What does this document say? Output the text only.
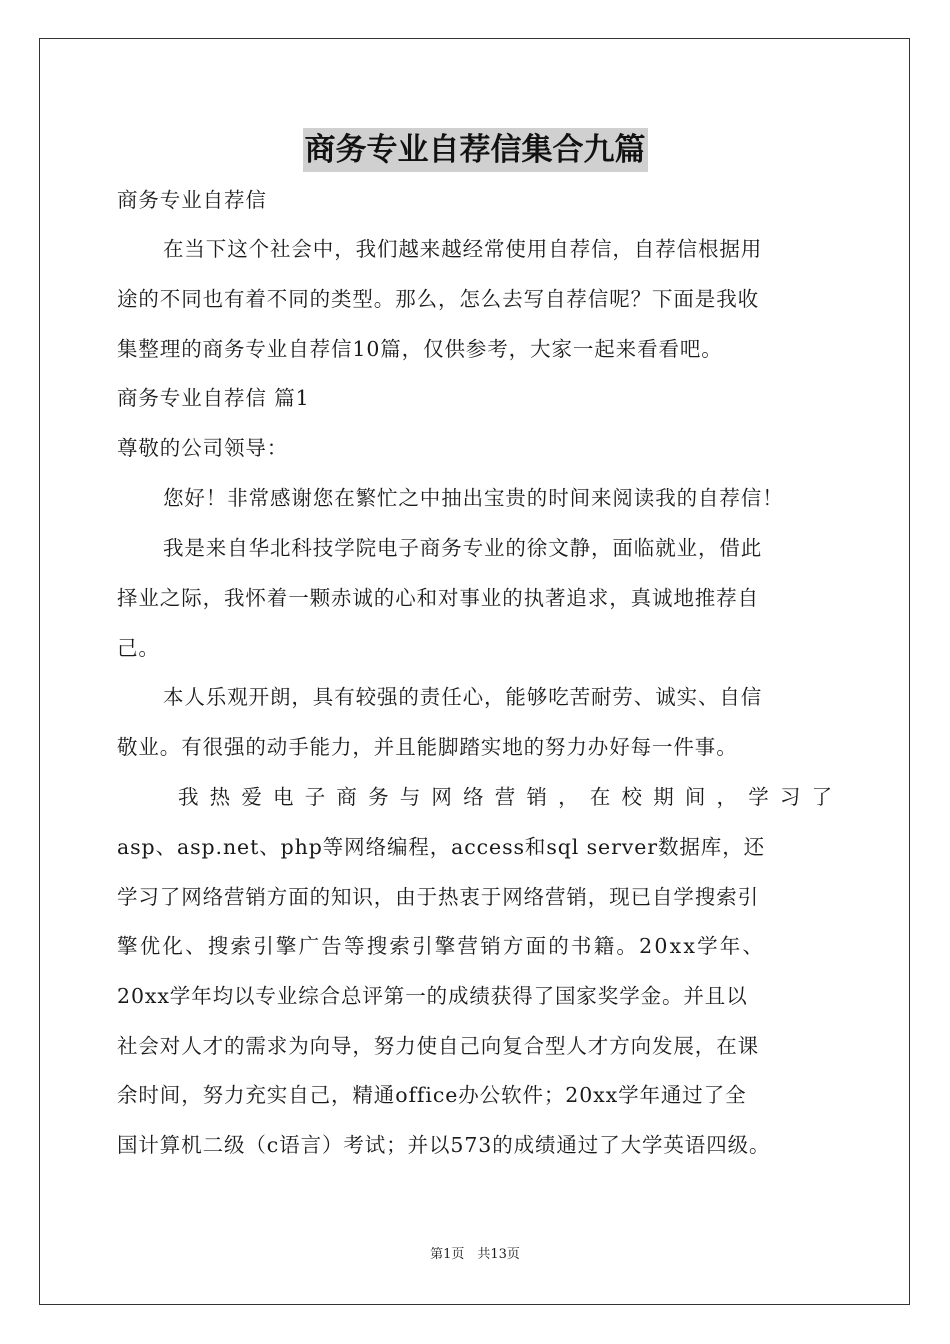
商务专业自荐信集合九篇
商务专业自荐信
在当下这个社会中，我们越来越经常使用自荐信，自荐信根据用
途的不同也有着不同的类型。那么，怎么去写自荐信呢？下面是我收
集整理的商务专业自荐信10篇，仅供参考，大家一起来看看吧。
商务专业自荐信 篇1
尊敬的公司领导：
您好！非常感谢您在繁忙之中抽出宝贵的时间来阅读我的自荐信！
我是来自华北科技学院电子商务专业的徐文静，面临就业，借此
择业之际，我怀着一颗赤诚的心和对事业的执著追求，真诚地推荐自
己。
本人乐观开朗，具有较强的责任心，能够吃苦耐劳、诚实、自信
敬业。有很强的动手能力，并且能脚踏实地的努力办好每一件事。
我 热 爱 电 子 商 务 与 网 络 营 销 ， 在 校 期 间 ， 学 习 了
asp、asp.net、php等网络编程，access和sql server数据库，还
学习了网络营销方面的知识，由于热衷于网络营销，现已自学搜索引
擎优化、搜索引擎广告等搜索引擎营销方面的书籍。20xx学年、
20xx学年均以专业综合总评第一的成绩获得了国家奖学金。并且以
社会对人才的需求为向导，努力使自己向复合型人才方向发展，在课
余时间，努力充实自己，精通office办公软件；20xx学年通过了全
国计算机二级（c语言）考试；并以573的成绩通过了大学英语四级。
第1页　共13页
